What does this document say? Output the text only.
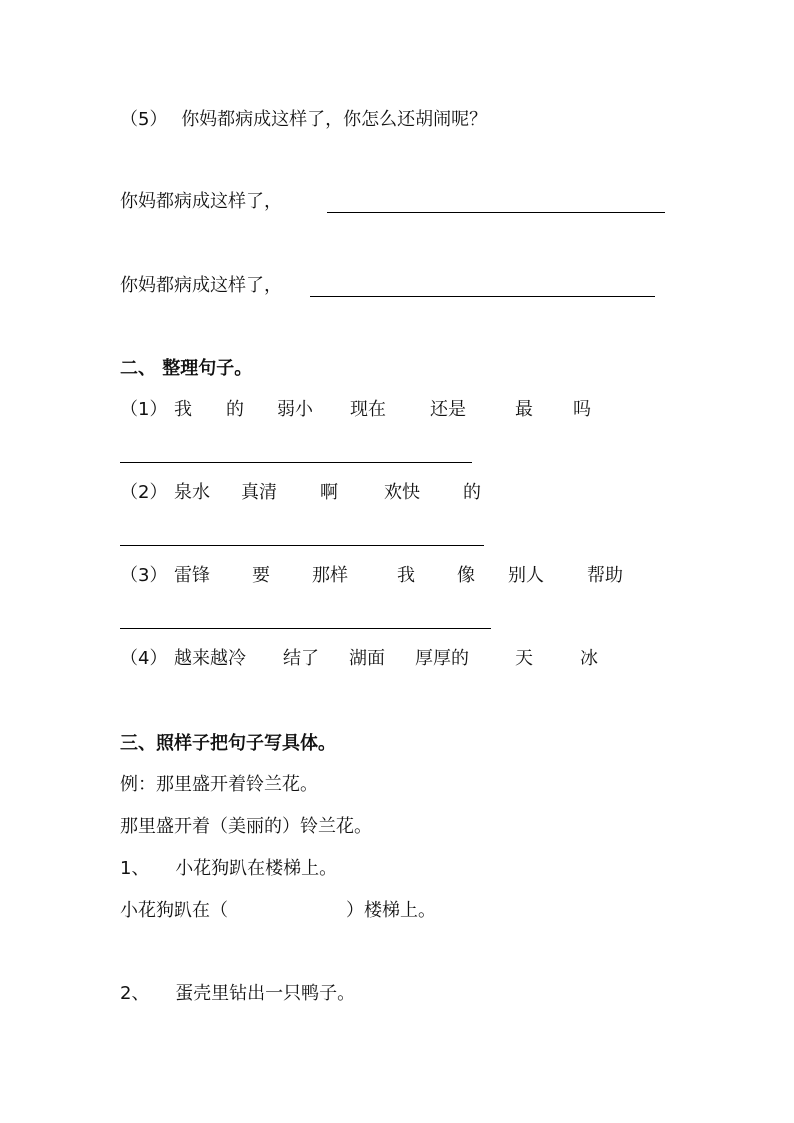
（5） 你妈都病成这样了，你怎么还胡闹呢？
你妈都病成这样了，
你妈都病成这样了，
二、 整理句子。
（1） 我 的 弱小 现在 还是	最 吗
（2） 泉水 真清 啊	欢快 的
（3） 雷锋 要 那样	我 像 别人 帮助
（4） 越来越冷 结了 湖面 厚厚的	天	冰
三、照样子把句子写具体。
例：那里盛开着铃兰花。
那里盛开着（美丽的）铃兰花。
1、 小花狗趴在楼梯上。
小花狗趴在（	）楼梯上。
2、 蛋壳里钻出一只鸭子。
